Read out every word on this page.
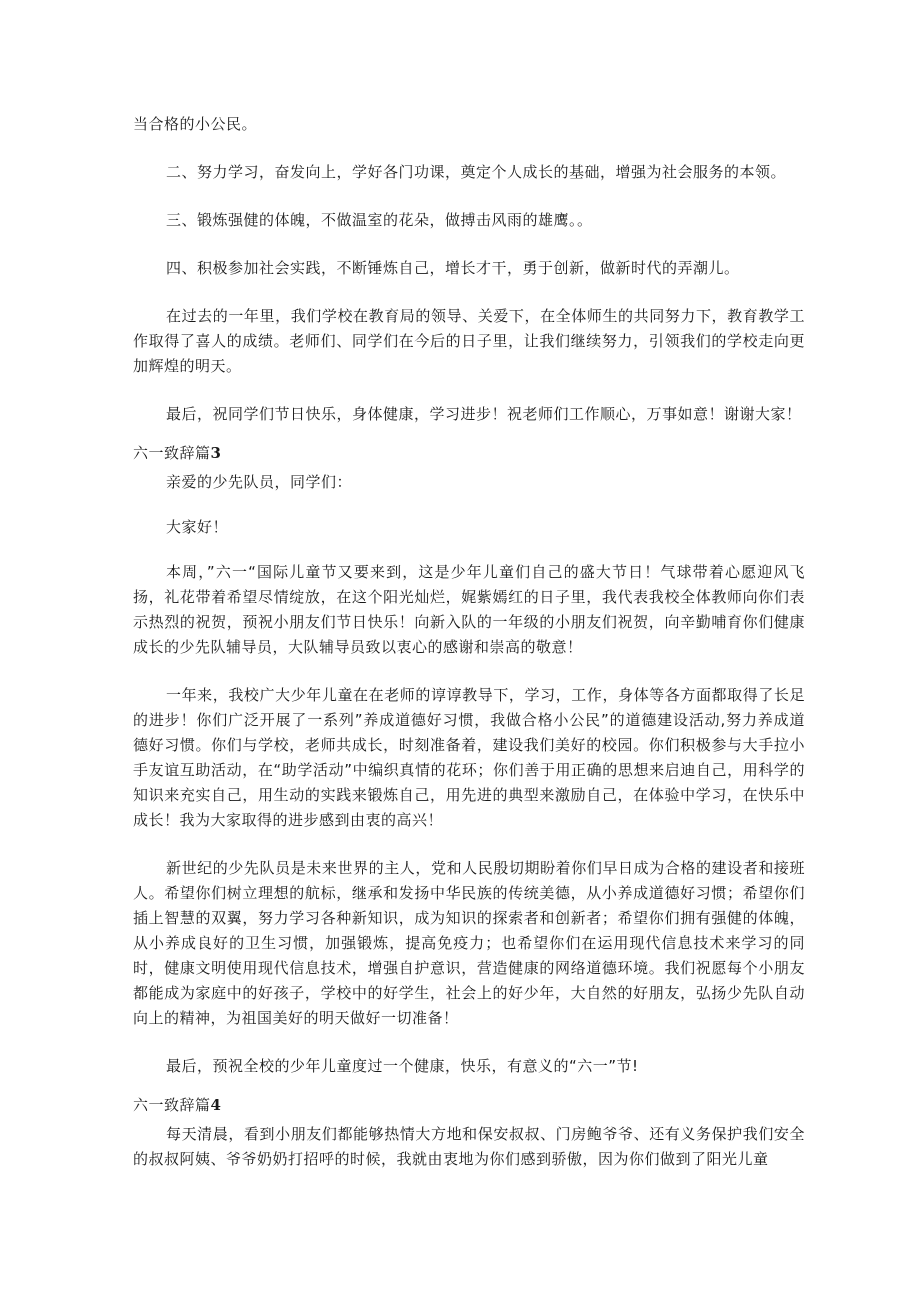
当合格的小公民。

二、努力学习，奋发向上，学好各门功课，奠定个人成长的基础，增强为社会服务的本领。

三、锻炼强健的体魄，不做温室的花朵，做搏击风雨的雄鹰。。

四、积极参加社会实践，不断锤炼自己，增长才干，勇于创新，做新时代的弄潮儿。

在过去的一年里，我们学校在教育局的领导、关爱下，在全体师生的共同努力下，教育教学工作取得了喜人的成绩。老师们、同学们在今后的日子里，让我们继续努力，引领我们的学校走向更加辉煌的明天。

最后，祝同学们节日快乐，身体健康，学习进步！祝老师们工作顺心，万事如意！谢谢大家！

六一致辞篇3

亲爱的少先队员，同学们：

大家好！

本周，”六一“国际儿童节又要来到，这是少年儿童们自己的盛大节日！气球带着心愿迎风飞扬，礼花带着希望尽情绽放，在这个阳光灿烂，娓紫嫣红的日子里，我代表我校全体教师向你们表示热烈的祝贺，预祝小朋友们节日快乐！向新入队的一年级的小朋友们祝贺，向辛勤哺育你们健康成长的少先队辅导员，大队辅导员致以衷心的感谢和崇高的敬意！

一年来，我校广大少年儿童在在老师的谆谆教导下，学习，工作，身体等各方面都取得了长足的进步！你们广泛开展了一系列”养成道德好习惯，我做合格小公民”的道德建设活动,努力养成道德好习惯。你们与学校，老师共成长，时刻准备着，建设我们美好的校园。你们积极参与大手拉小手友谊互助活动，在“助学活动”中编织真情的花环；你们善于用正确的思想来启迪自己，用科学的知识来充实自己，用生动的实践来锻炼自己，用先进的典型来激励自己，在体验中学习，在快乐中成长！我为大家取得的进步感到由衷的高兴！

新世纪的少先队员是未来世界的主人，党和人民殷切期盼着你们早日成为合格的建设者和接班人。希望你们树立理想的航标，继承和发扬中华民族的传统美德，从小养成道德好习惯；希望你们插上智慧的双翼，努力学习各种新知识，成为知识的探索者和创新者；希望你们拥有强健的体魄，从小养成良好的卫生习惯，加强锻炼，提高免疫力；也希望你们在运用现代信息技术来学习的同时，健康文明使用现代信息技术，增强自护意识，营造健康的网络道德环境。我们祝愿每个小朋友都能成为家庭中的好孩子，学校中的好学生，社会上的好少年，大自然的好朋友，弘扬少先队自动向上的精神，为祖国美好的明天做好一切准备！

最后，预祝全校的少年儿童度过一个健康，快乐，有意义的“六一”节!

六一致辞篇4

每天清晨，看到小朋友们都能够热情大方地和保安叔叔、门房鲍爷爷、还有义务保护我们安全的叔叔阿姨、爷爷奶奶打招呼的时候，我就由衷地为你们感到骄傲，因为你们做到了阳光儿童
